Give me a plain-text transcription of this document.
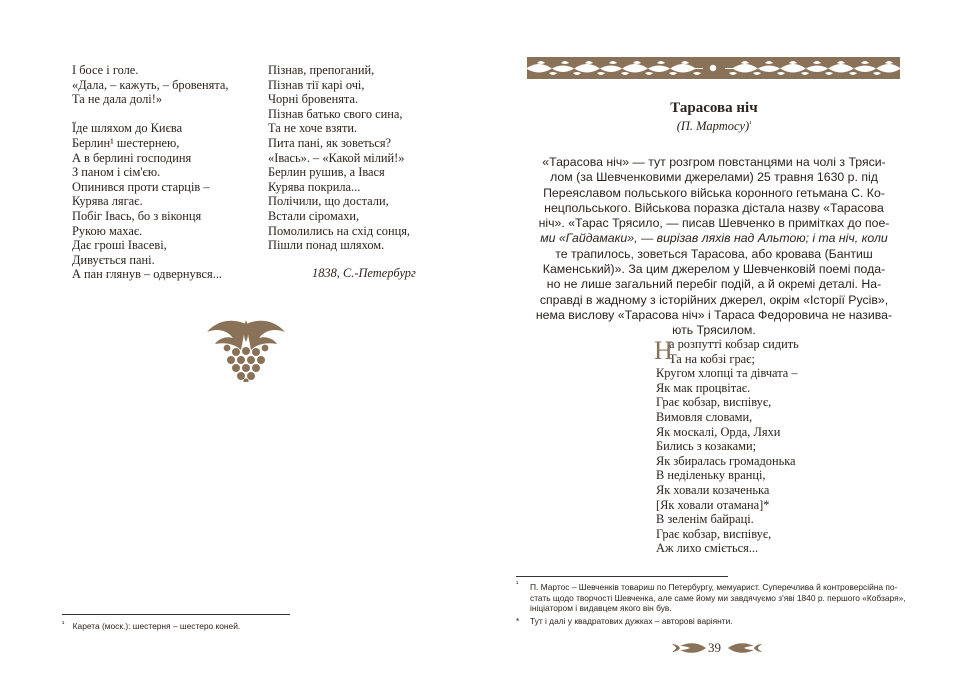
І босе і голе.
«Дала, – кажуть, – бровенята,
Та не дала долі!»
Їде шляхом до Києва
Берлин¹ шестернею,
А в берлині господиня
З паном і сім'єю.
Опинився проти старців –
Курява лягає.
Побіг Івась, бо з віконця
Рукою махає.
Дає гроші Івасеві,
Дивується пані.
А пан глянув – одвернувся...
Пізнав, препоганий,
Пізнав тії карі очі,
Чорні бровенята.
Пізнав батько свого сина,
Та не хоче взяти.
Пита пані, як зоветься?
«Івась». – «Какой мілий!»
Берлин рушив, а Івася
Курява покрила...
Полічили, що достали,
Встали сіромахи,
Помолились на схід сонця,
Пішли понад шляхом.
1838, С.-Петербург
$^{^1}$ Карета (моск.): шестерня – шестеро коней.
Тарасова ніч
(П. Мартосу)$^{^1}$
«Тарасова ніч» — тут розгром повстанцями на чолі з Тряси-
лом (за Шевченковими джерелами) 25 травня 1630 р. під
Переяславом польського війська коронного гетьмана С. Ко-
нецпольського. Військова поразка дістала назву «Тарасова
ніч». «Тарас Трясило, — писав Шевченко в примітках до пое-
ми «Гайдамаки», — вирізав ляхів над Альтою; і та ніч, коли
те трапилось, зоветься Тарасова, або кровава (Бантиш
Каменський)». За цим джерелом у Шевченковій поемі пода-
но не лише загальний перебіг подій, а й окремі деталі. На-
справді в жадному з історійних джерел, окрім «Історії Русів»,
нема вислову «Тарасова ніч» і Тараса Федоровича не назива-
ють Трясилом.
Н
а розпутті кобзар сидить
Та на кобзі грає;
Кругом хлопці та дівчата –
Як мак процвітає.
Грає кобзар, виспівує,
Вимовля словами,
Як москалі, Орда, Ляхи
Бились з козаками;
Як збиралась громадонька
В неділеньку вранці,
Як ховали козаченька
[Як ховали отамана]*
В зеленім байраці.
Грає кобзар, виспівує,
Аж лихо сміється...
¹ П. Мартос – Шевченків товариш по Петербургу, мемуарист. Суперечлива й контроверсійна по-
стать щодо творчості Шевченка, але саме йому ми завдячуємо з'яві 1840 р. першого «Кобзаря»,
ініціатором і видавцем якого він був.
* Тут і далі у квадратових дужках – авторові варіянти.
39
